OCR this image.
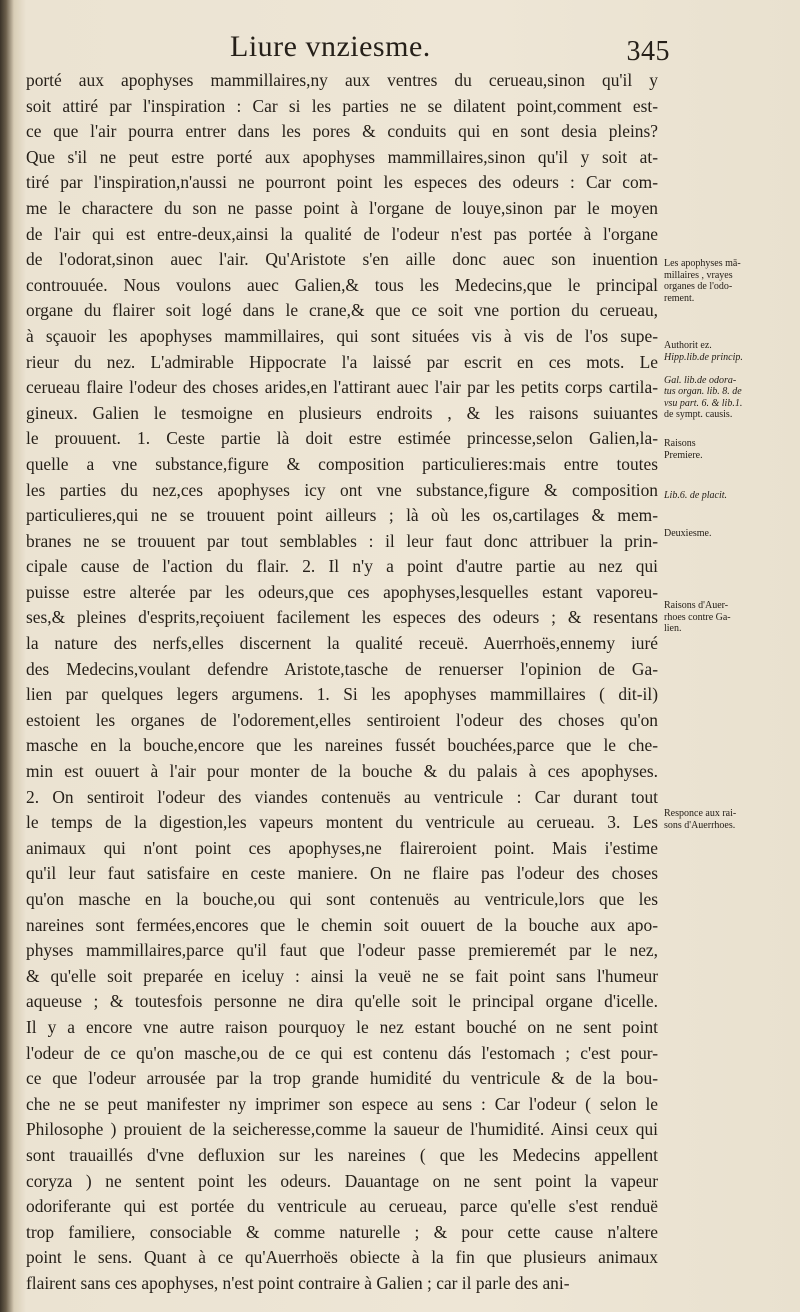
Liure vnziesme.	345
porté aux apophyses mammillaires,ny aux ventres du cerueau,sinon qu'il y
soit attiré par l'inspiration : Car si les parties ne se dilatent point,comment est-
ce que l'air pourra entrer dans les pores & conduits qui en sont desia pleins?
Que s'il ne peut estre porté aux apophyses mammillaires,sinon qu'il y soit at-
tiré par l'inspiration,n'aussi ne pourront point les especes des odeurs : Car com-
me le charactere du son ne passe point à l'organe de louye,sinon par le moyen
de l'air qui est entre-deux,ainsi la qualité de l'odeur n'est pas portée à l'organe
de l'odorat,sinon auec l'air. Qu'Aristote s'en aille donc auec son inuention
controuuée. Nous voulons auec Galien,& tous les Medecins,que le principal
organe du flairer soit logé dans le crane,& que ce soit vne portion du cerueau,
à sçauoir les apophyses mammillaires, qui sont situées vis à vis de l'os supe-
rieur du nez. L'admirable Hippocrate l'a laissé par escrit en ces mots. Le
cerueau flaire l'odeur des choses arides,en l'attirant auec l'air par les petits corps cartila-
gineux. Galien le tesmoigne en plusieurs endroits , & les raisons suiuantes
le prouuent. 1. Ceste partie là doit estre estimée princesse,selon Galien,la-
quelle a vne substance,figure & composition particulieres:mais entre toutes
les parties du nez,ces apophyses icy ont vne substance,figure & composition
particulieres,qui ne se trouuent point ailleurs ; là où les os,cartilages & mem-
branes ne se trouuent par tout semblables : il leur faut donc attribuer la prin-
cipale cause de l'action du flair. 2. Il n'y a point d'autre partie au nez qui
puisse estre alterée par les odeurs,que ces apophyses,lesquelles estant vaporeu-
ses,& pleines d'esprits,reçoiuent facilement les especes des odeurs ; & resentans
la nature des nerfs,elles discernent la qualité receuë. Auerrhoës,ennemy iuré
des Medecins,voulant defendre Aristote,tasche de renuerser l'opinion de Ga-
lien par quelques legers argumens. 1. Si les apophyses mammillaires ( dit-il)
estoient les organes de l'odorement,elles sentiroient l'odeur des choses qu'on
masche en la bouche,encore que les nareines fussét bouchées,parce que le che-
min est ouuert à l'air pour monter de la bouche & du palais à ces apophyses.
2. On sentiroit l'odeur des viandes contenuës au ventricule : Car durant tout
le temps de la digestion,les vapeurs montent du ventricule au cerueau. 3. Les
animaux qui n'ont point ces apophyses,ne flaireroient point. Mais i'estime
qu'il leur faut satisfaire en ceste maniere. On ne flaire pas l'odeur des choses
qu'on masche en la bouche,ou qui sont contenuës au ventricule,lors que les
nareines sont fermées,encores que le chemin soit ouuert de la bouche aux apo-
physes mammillaires,parce qu'il faut que l'odeur passe premieremét par le nez,
& qu'elle soit preparée en iceluy : ainsi la veuë ne se fait point sans l'humeur
aqueuse ; & toutesfois personne ne dira qu'elle soit le principal organe d'icelle.
Il y a encore vne autre raison pourquoy le nez estant bouché on ne sent point
l'odeur de ce qu'on masche,ou de ce qui est contenu dás l'estomach ; c'est pour-
ce que l'odeur arrousée par la trop grande humidité du ventricule & de la bou-
che ne se peut manifester ny imprimer son espece au sens : Car l'odeur ( selon le
Philosophe ) prouient de la seicheresse,comme la saueur de l'humidité. Ainsi ceux qui
sont trauaillés d'vne defluxion sur les nareines ( que les Medecins appellent
coryza ) ne sentent point les odeurs. Dauantage on ne sent point la vapeur
odoriferante qui est portée du ventricule au cerueau, parce qu'elle s'est renduë
trop familiere, consociable & comme naturelle ; & pour cette cause n'altere
point le sens. Quant à ce qu'Auerrhoës obiecte à la fin que plusieurs animaux
flairent sans ces apophyses, n'est point contraire à Galien ; car il parle des ani-
Les apophyses mā-
millaires , vrayes
organes de l'odo-
rement.
Authorit ez.
Hipp.lib.de princip.

Gal. lib.de odora-
tus organ. lib. 8. de
vsu part. 6. & lib.1.
de sympt. causis.
Raisons
Premiere.
Lib.6. de placit.
Deuxiesme.
Raisons d'Auer-
rhoes contre Ga-
lien.
Responce aux rai-
sons d'Auerrhoes.
